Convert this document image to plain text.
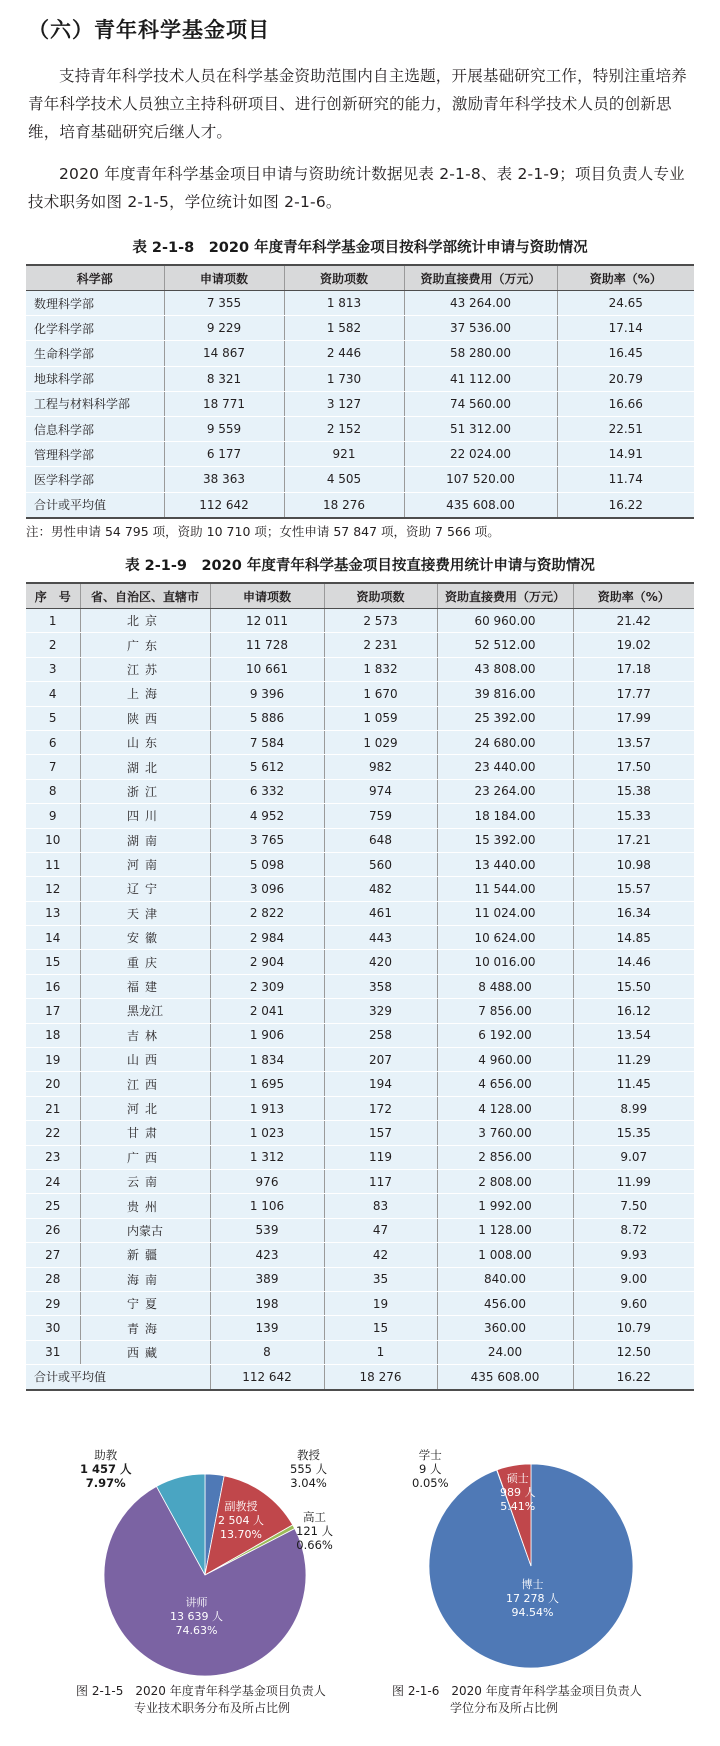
（六）青年科学基金项目
支持青年科学技术人员在科学基金资助范围内自主选题，开展基础研究工作，特别注重培养青年科学技术人员独立主持科研项目、进行创新研究的能力，激励青年科学技术人员的创新思维，培育基础研究后继人才。
2020 年度青年科学基金项目申请与资助统计数据见表 2-1-8、表 2-1-9；项目负责人专业技术职务如图 2-1-5，学位统计如图 2-1-6。
表 2-1-8　2020 年度青年科学基金项目按科学部统计申请与资助情况
科学部	申请项数	资助项数	资助直接费用（万元）	资助率（%）
数理科学部	7 355	1 813	43 264.00	24.65
化学科学部	9 229	1 582	37 536.00	17.14
生命科学部	14 867	2 446	58 280.00	16.45
地球科学部	8 321	1 730	41 112.00	20.79
工程与材料科学部	18 771	3 127	74 560.00	16.66
信息科学部	9 559	2 152	51 312.00	22.51
管理科学部	6 177	921	22 024.00	14.91
医学科学部	38 363	4 505	107 520.00	11.74
合计或平均值	112 642	18 276	435 608.00	16.22
注：男性申请 54 795 项，资助 10 710 项；女性申请 57 847 项，资助 7 566 项。
表 2-1-9　2020 年度青年科学基金项目按直接费用统计申请与资助情况
序　号	省、自治区、直辖市	申请项数	资助项数	资助直接费用（万元）	资助率（%）
1	北京	12 011	2 573	60 960.00	21.42
2	广东	11 728	2 231	52 512.00	19.02
3	江苏	10 661	1 832	43 808.00	17.18
4	上海	9 396	1 670	39 816.00	17.77
5	陕西	5 886	1 059	25 392.00	17.99
6	山东	7 584	1 029	24 680.00	13.57
7	湖北	5 612	982	23 440.00	17.50
8	浙江	6 332	974	23 264.00	15.38
9	四川	4 952	759	18 184.00	15.33
10	湖南	3 765	648	15 392.00	17.21
11	河南	5 098	560	13 440.00	10.98
12	辽宁	3 096	482	11 544.00	15.57
13	天津	2 822	461	11 024.00	16.34
14	安徽	2 984	443	10 624.00	14.85
15	重庆	2 904	420	10 016.00	14.46
16	福建	2 309	358	8 488.00	15.50
17	黑龙江	2 041	329	7 856.00	16.12
18	吉林	1 906	258	6 192.00	13.54
19	山西	1 834	207	4 960.00	11.29
20	江西	1 695	194	4 656.00	11.45
21	河北	1 913	172	4 128.00	8.99
22	甘肃	1 023	157	3 760.00	15.35
23	广西	1 312	119	2 856.00	9.07
24	云南	976	117	2 808.00	11.99
25	贵州	1 106	83	1 992.00	7.50
26	内蒙古	539	47	1 128.00	8.72
27	新疆	423	42	1 008.00	9.93
28	海南	389	35	840.00	9.00
29	宁夏	198	19	456.00	9.60
30	青海	139	15	360.00	10.79
31	西藏	8	1	24.00	12.50
合计或平均值		112 642	18 276	435 608.00	16.22
助教
1 457 人
7.97%
教授
555 人
3.04%
高工
121 人
0.66%
副教授
2 504 人
13.70%
讲师
13 639 人
74.63%
图 2-1-5　2020 年度青年科学基金项目负责人
专业技术职务分布及所占比例
学士
9 人
0.05%	硕士
989 人
5.41%
博士
17 278 人
94.54%
图 2-1-6　2020 年度青年科学基金项目负责人
学位分布及所占比例
